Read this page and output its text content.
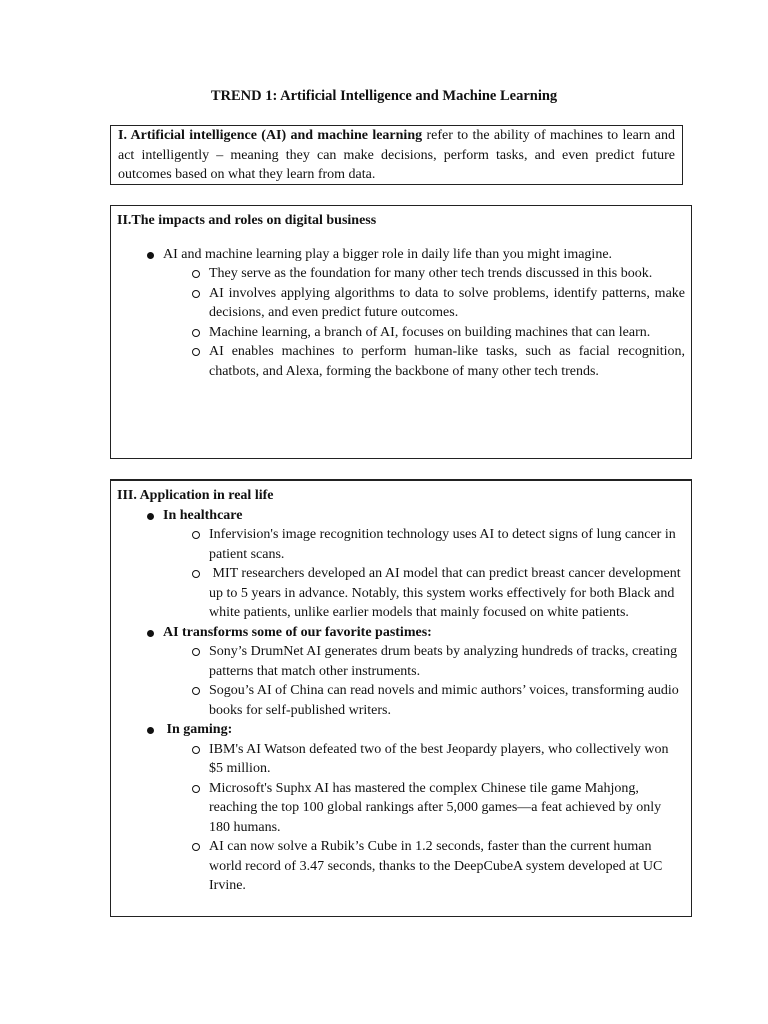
TREND 1: Artificial Intelligence and Machine Learning

I. Artificial intelligence (AI) and machine learning refer to the ability of machines to learn and act intelligently – meaning they can make decisions, perform tasks, and even predict future outcomes based on what they learn from data.

II.The impacts and roles on digital business

AI and machine learning play a bigger role in daily life than you might imagine.
They serve as the foundation for many other tech trends discussed in this book.
AI involves applying algorithms to data to solve problems, identify patterns, make decisions, and even predict future outcomes.
Machine learning, a branch of AI, focuses on building machines that can learn.
AI enables machines to perform human-like tasks, such as facial recognition, chatbots, and Alexa, forming the backbone of many other tech trends.

III. Application in real life

In healthcare
Infervision's image recognition technology uses AI to detect signs of lung cancer in patient scans.
MIT researchers developed an AI model that can predict breast cancer development up to 5 years in advance. Notably, this system works effectively for both Black and white patients, unlike earlier models that mainly focused on white patients.
AI transforms some of our favorite pastimes:
Sony’s DrumNet AI generates drum beats by analyzing hundreds of tracks, creating patterns that match other instruments.
Sogou’s AI of China can read novels and mimic authors’ voices, transforming audio books for self-published writers.
In gaming:
IBM's AI Watson defeated two of the best Jeopardy players, who collectively won $5 million.
Microsoft's Suphx AI has mastered the complex Chinese tile game Mahjong, reaching the top 100 global rankings after 5,000 games—a feat achieved by only 180 humans.
AI can now solve a Rubik’s Cube in 1.2 seconds, faster than the current human world record of 3.47 seconds, thanks to the DeepCubeA system developed at UC Irvine.
